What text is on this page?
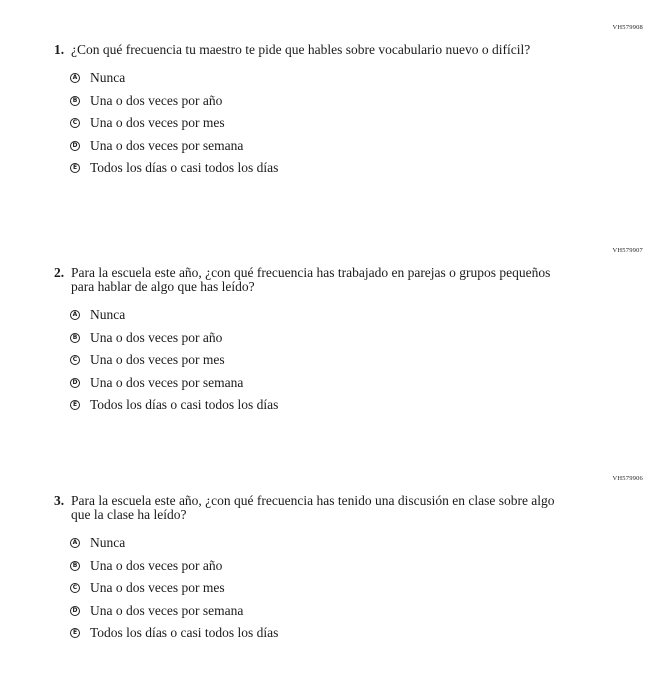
VH579908
1. ¿Con qué frecuencia tu maestro te pide que hables sobre vocabulario nuevo o difícil?
A Nunca
B Una o dos veces por año
C Una o dos veces por mes
D Una o dos veces por semana
E Todos los días o casi todos los días
VH579907
2. Para la escuela este año, ¿con qué frecuencia has trabajado en parejas o grupos pequeños para hablar de algo que has leído?
A Nunca
B Una o dos veces por año
C Una o dos veces por mes
D Una o dos veces por semana
E Todos los días o casi todos los días
VH579906
3. Para la escuela este año, ¿con qué frecuencia has tenido una discusión en clase sobre algo que la clase ha leído?
A Nunca
B Una o dos veces por año
C Una o dos veces por mes
D Una o dos veces por semana
E Todos los días o casi todos los días
